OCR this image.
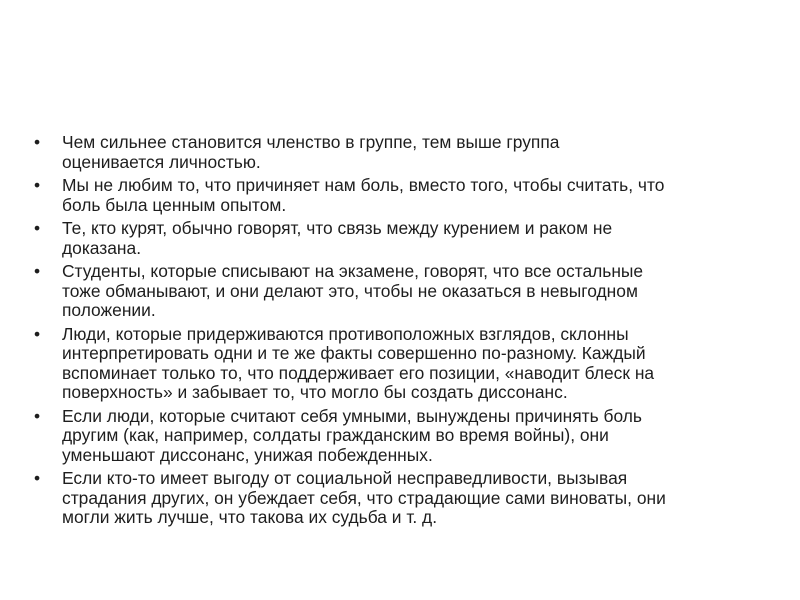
•	Чем сильнее становится членство в группе, тем выше группа
оценивается личностью.
•	Мы не любим то, что причиняет нам боль, вместо того, чтобы считать, что
боль была ценным опытом.
•	Те, кто курят, обычно говорят, что связь между курением и раком не
доказана.
•	Студенты, которые списывают на экзамене, говорят, что все остальные
тоже обманывают, и они делают это, чтобы не оказаться в невыгодном
положении.
•	Люди, которые придерживаются противоположных взглядов, склонны
интерпретировать одни и те же факты совершенно по-разному. Каждый
вспоминает только то, что поддерживает его позиции, «наводит блеск на
поверхность» и забывает то, что могло бы создать диссонанс.
•	Если люди, которые считают себя умными, вынуждены причинять боль
другим (как, например, солдаты гражданским во время войны), они
уменьшают диссонанс, унижая побежденных.
•	Если кто-то имеет выгоду от социальной несправедливости, вызывая
страдания других, он убеждает себя, что страдающие сами виноваты, они
могли жить лучше, что такова их судьба и т. д.
